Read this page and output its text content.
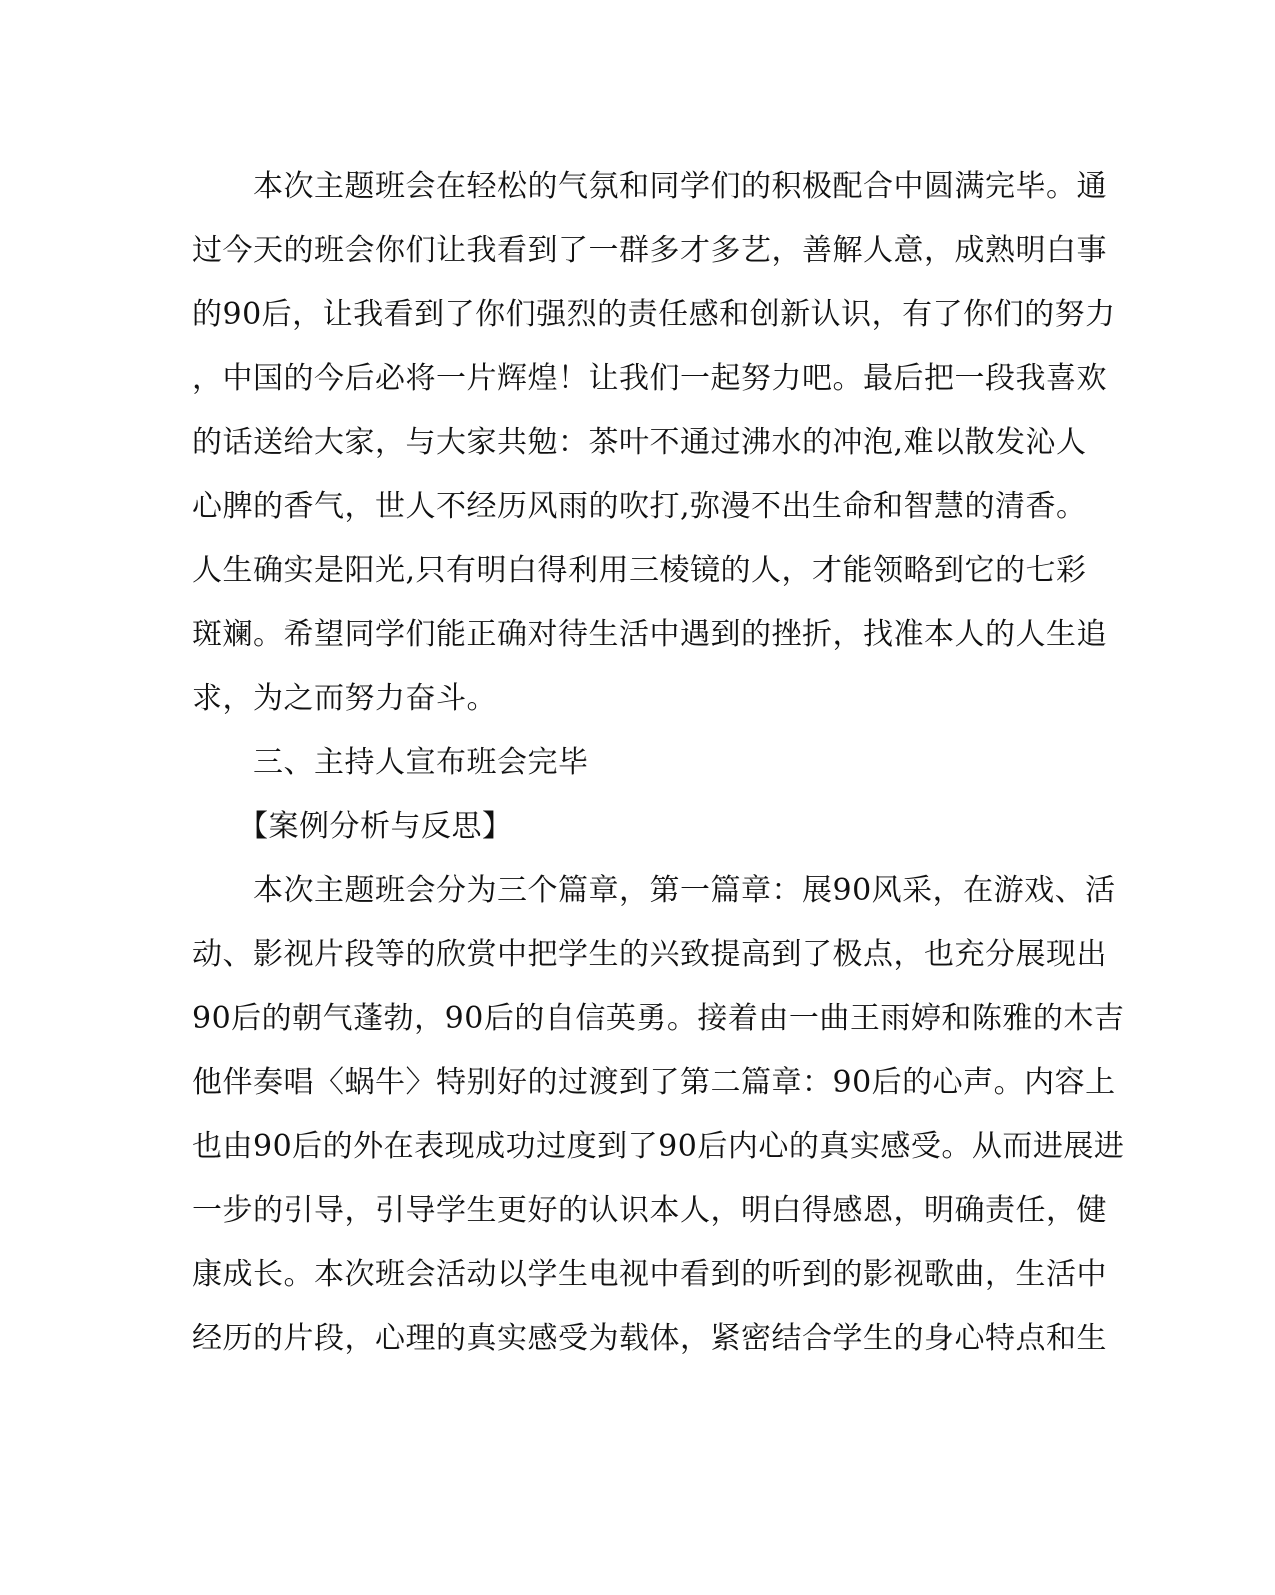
　　本次主题班会在轻松的气氛和同学们的积极配合中圆满完毕。通
过今天的班会你们让我看到了一群多才多艺，善解人意，成熟明白事
的90后，让我看到了你们强烈的责任感和创新认识，有了你们的努力
，中国的今后必将一片辉煌！让我们一起努力吧。最后把一段我喜欢
的话送给大家，与大家共勉：茶叶不通过沸水的冲泡,难以散发沁人
心脾的香气，世人不经历风雨的吹打,弥漫不出生命和智慧的清香。
人生确实是阳光,只有明白得利用三棱镜的人，才能领略到它的七彩
斑斓。希望同学们能正确对待生活中遇到的挫折，找准本人的人生追
求，为之而努力奋斗。
　　三、主持人宣布班会完毕
　　【案例分析与反思】
　　本次主题班会分为三个篇章，第一篇章：展90风采，在游戏、活
动、影视片段等的欣赏中把学生的兴致提高到了极点，也充分展现出
90后的朝气蓬勃，90后的自信英勇。接着由一曲王雨婷和陈雅的木吉
他伴奏唱〈蜗牛〉特别好的过渡到了第二篇章：90后的心声。内容上
也由90后的外在表现成功过度到了90后内心的真实感受。从而进展进
一步的引导，引导学生更好的认识本人，明白得感恩，明确责任，健
康成长。本次班会活动以学生电视中看到的听到的影视歌曲，生活中
经历的片段，心理的真实感受为载体，紧密结合学生的身心特点和生
